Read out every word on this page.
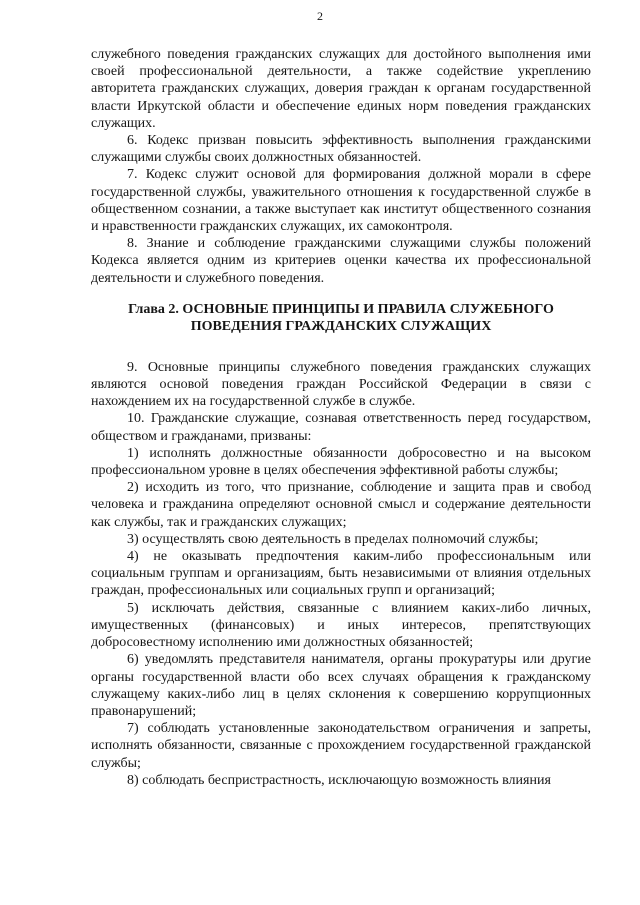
2

служебного поведения гражданских служащих для достойного выполнения ими своей профессиональной деятельности, а также содействие укреплению авторитета гражданских служащих, доверия граждан к органам государственной власти Иркутской области и обеспечение единых норм поведения гражданских служащих.

6. Кодекс призван повысить эффективность выполнения гражданскими служащими службы своих должностных обязанностей.

7. Кодекс служит основой для формирования должной морали в сфере государственной службы, уважительного отношения к государственной службе в общественном сознании, а также выступает как институт общественного сознания и нравственности гражданских служащих, их самоконтроля.

8. Знание и соблюдение гражданскими служащими службы положений Кодекса является одним из критериев оценки качества их профессиональной деятельности и служебного поведения.

Глава 2. ОСНОВНЫЕ ПРИНЦИПЫ И ПРАВИЛА СЛУЖЕБНОГО
ПОВЕДЕНИЯ ГРАЖДАНСКИХ СЛУЖАЩИХ

9. Основные принципы служебного поведения гражданских служащих являются основой поведения граждан Российской Федерации в связи с нахождением их на государственной службе в службе.

10. Гражданские служащие, сознавая ответственность перед государством, обществом и гражданами, призваны:

1) исполнять должностные обязанности добросовестно и на высоком профессиональном уровне в целях обеспечения эффективной работы службы;

2) исходить из того, что признание, соблюдение и защита прав и свобод человека и гражданина определяют основной смысл и содержание деятельности как службы, так и гражданских служащих;

3) осуществлять свою деятельность в пределах полномочий службы;

4) не оказывать предпочтения каким-либо профессиональным или социальным группам и организациям, быть независимыми от влияния отдельных граждан, профессиональных или социальных групп и организаций;

5) исключать действия, связанные с влиянием каких-либо личных, имущественных (финансовых) и иных интересов, препятствующих добросовестному исполнению ими должностных обязанностей;

6) уведомлять представителя нанимателя, органы прокуратуры или другие органы государственной власти обо всех случаях обращения к гражданскому служащему каких-либо лиц в целях склонения к совершению коррупционных правонарушений;

7) соблюдать установленные законодательством ограничения и запреты, исполнять обязанности, связанные с прохождением государственной гражданской службы;

8) соблюдать беспристрастность, исключающую возможность влияния
